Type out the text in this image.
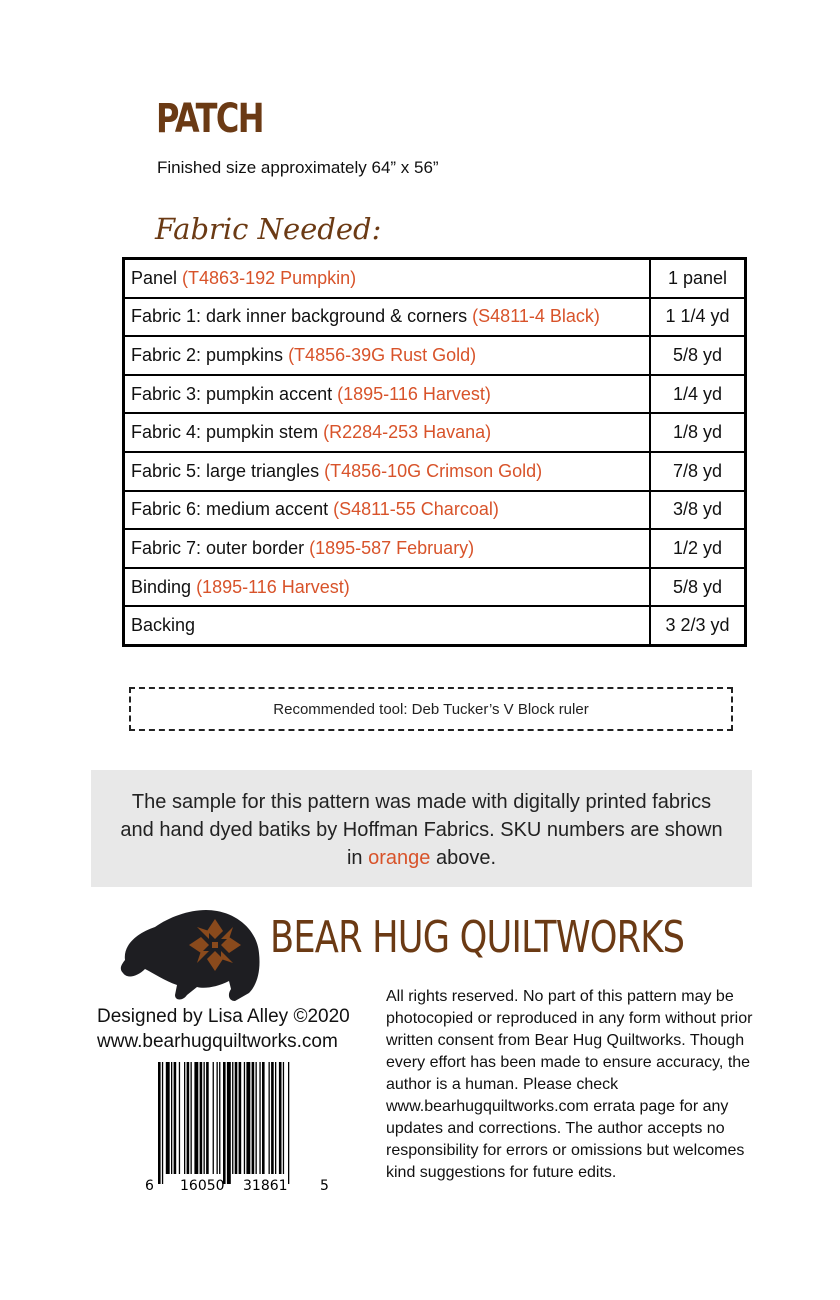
PATCH
Finished size approximately 64” x 56”
Fabric Needed:
Panel (T4863-192 Pumpkin)	1 panel
Fabric 1: dark inner background & corners (S4811-4 Black)	1 1/4 yd
Fabric 2: pumpkins (T4856-39G Rust Gold)	5/8 yd
Fabric 3: pumpkin accent (1895-116 Harvest)	1/4 yd
Fabric 4: pumpkin stem (R2284-253 Havana)	1/8 yd
Fabric 5: large triangles (T4856-10G Crimson Gold)	7/8 yd
Fabric 6: medium accent (S4811-55 Charcoal)	3/8 yd
Fabric 7: outer border (1895-587 February)	1/2 yd
Binding (1895-116 Harvest)	5/8 yd
Backing	3 2/3 yd
Recommended tool: Deb Tucker’s V Block ruler
The sample for this pattern was made with digitally printed fabrics
and hand dyed batiks by Hoffman Fabrics. SKU numbers are shown
in orange above.
BEAR HUG QUILTWORKS
Designed by Lisa Alley ©2020
www.bearhugquiltworks.com
6 16050 31861 5
All rights reserved. No part of this pattern may be photocopied or reproduced in any form without prior written consent from Bear Hug Quiltworks. Though every effort has been made to ensure accuracy, the author is a human. Please check www.bearhugquiltworks.com errata page for any updates and corrections. The author accepts no responsibility for errors or omissions but welcomes kind suggestions for future edits.
